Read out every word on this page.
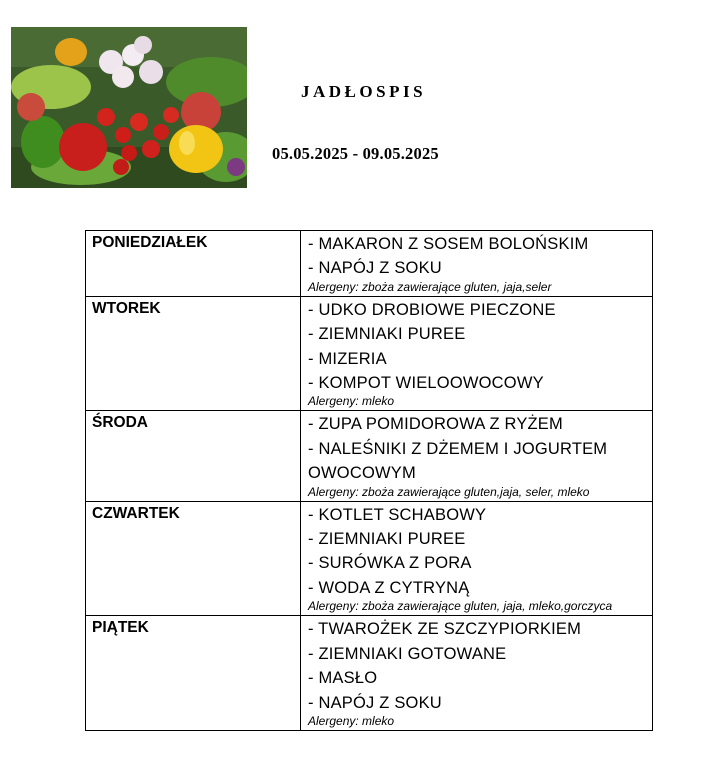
JADŁOSPIS
05.05.2025 - 09.05.2025
PONIEDZIAŁEK	- MAKARON Z SOSEM BOLOŃSKIM
- NAPÓJ Z SOKU
Alergeny: zboża zawierające gluten, jaja,seler

WTOREK	- UDKO DROBIOWE PIECZONE
- ZIEMNIAKI PUREE
- MIZERIA
- KOMPOT WIELOOWOCOWY
Alergeny: mleko

ŚRODA	- ZUPA POMIDOROWA Z RYŻEM
- NALEŚNIKI Z DŻEMEM I JOGURTEM OWOCOWYM
Alergeny: zboża zawierające gluten,jaja, seler, mleko

CZWARTEK	- KOTLET SCHABOWY
- ZIEMNIAKI PUREE
- SURÓWKA Z PORA
- WODA Z CYTRYNĄ
Alergeny: zboża zawierające gluten, jaja, mleko,gorczyca

PIĄTEK	- TWAROŻEK ZE SZCZYPIORKIEM
- ZIEMNIAKI GOTOWANE
- MASŁO
- NAPÓJ Z SOKU
Alergeny: mleko
